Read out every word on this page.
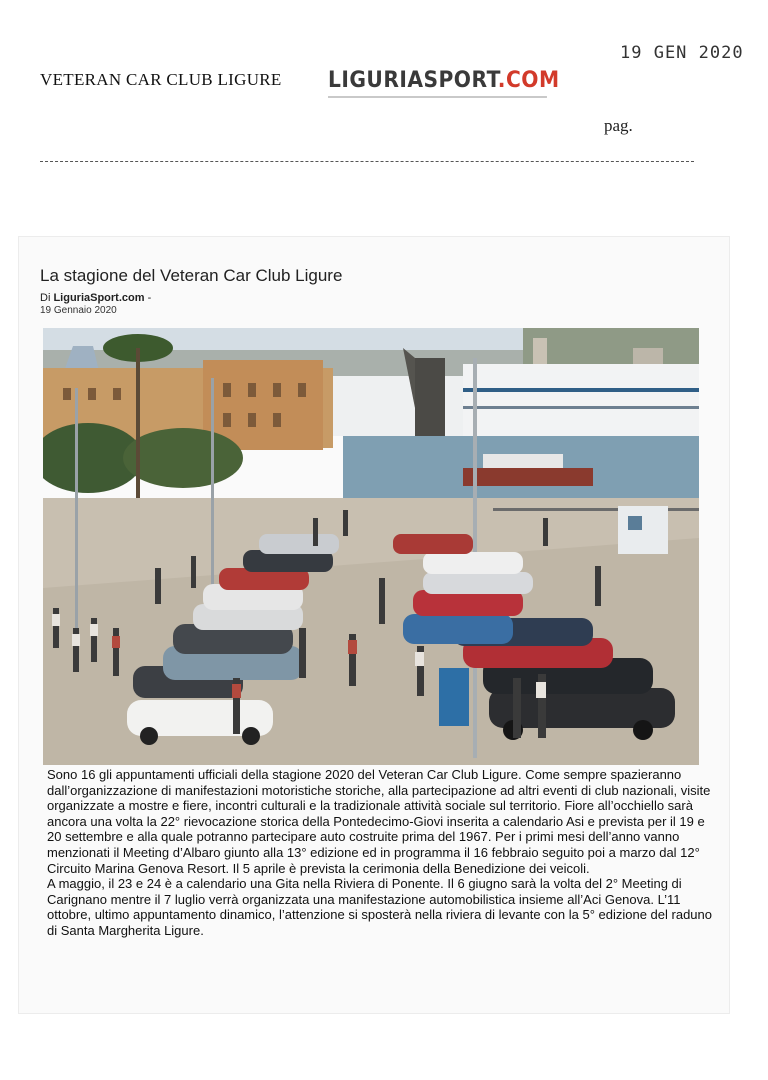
VETERAN CAR CLUB LIGURE LIGURIASPORT.COM
19 GEN 2020
pag.
La stagione del Veteran Car Club Ligure
Di LiguriaSport.com -
19 Gennaio 2020

Sono 16 gli appuntamenti ufficiali della stagione 2020 del Veteran Car Club Ligure. Come sempre spazieranno dall’organizzazione di manifestazioni motoristiche storiche, alla partecipazione ad altri eventi di club nazionali, visite organizzate a mostre e fiere, incontri culturali e la tradizionale attività sociale sul territorio. Fiore all’occhiello sarà ancora una volta la 22° rievocazione storica della Pontedecimo-Giovi inserita a calendario Asi e prevista per il 19 e 20 settembre e alla quale potranno partecipare auto costruite prima del 1967. Per i primi mesi dell’anno vanno menzionati il Meeting d’Albaro giunto alla 13° edizione ed in programma il 16 febbraio seguito poi a marzo dal 12° Circuito Marina Genova Resort. Il 5 aprile è prevista la cerimonia della Benedizione dei veicoli.

A maggio, il 23 e 24 è a calendario una Gita nella Riviera di Ponente. Il 6 giugno sarà la volta del 2° Meeting di Carignano mentre il 7 luglio verrà organizzata una manifestazione automobilistica insieme all’Aci Genova. L’11 ottobre, ultimo appuntamento dinamico, l’attenzione si sposterà nella riviera di levante con la 5° edizione del raduno di Santa Margherita Ligure.
